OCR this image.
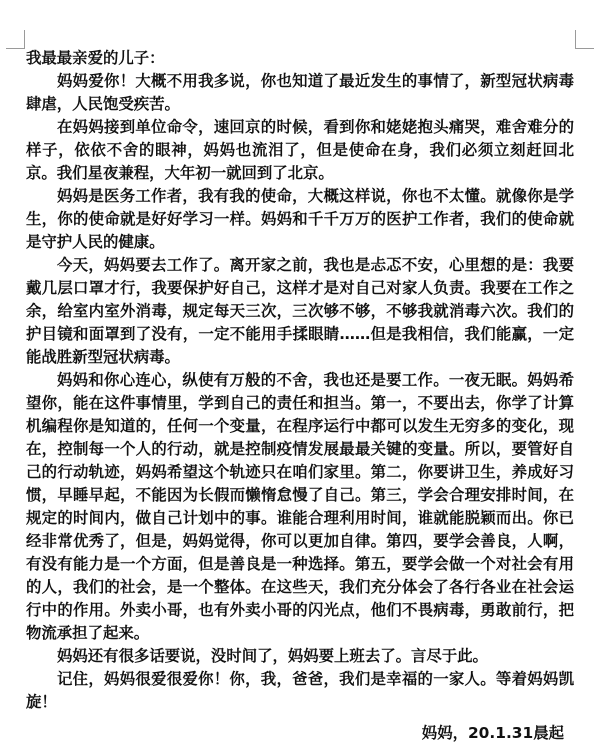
我最最亲爱的儿子：

妈妈爱你！大概不用我多说，你也知道了最近发生的事情了，新型冠状病毒肆虐，人民饱受疾苦。

在妈妈接到单位命令，速回京的时候，看到你和姥姥抱头痛哭，难舍难分的样子，依依不舍的眼神，妈妈也流泪了，但是使命在身，我们必须立刻赶回北京。我们星夜兼程，大年初一就回到了北京。

妈妈是医务工作者，我有我的使命，大概这样说，你也不太懂。就像你是学生，你的使命就是好好学习一样。妈妈和千千万万的医护工作者，我们的使命就是守护人民的健康。

今天，妈妈要去工作了。离开家之前，我也是忐忑不安，心里想的是：我要戴几层口罩才行，我要保护好自己，这样才是对自己对家人负责。我要在工作之余，给室内室外消毒，规定每天三次，三次够不够，不够我就消毒六次。我们的护目镜和面罩到了没有，一定不能用手揉眼睛……但是我相信，我们能赢，一定能战胜新型冠状病毒。

妈妈和你心连心，纵使有万般的不舍，我也还是要工作。一夜无眠。妈妈希望你，能在这件事情里，学到自己的责任和担当。第一，不要出去，你学了计算机编程你是知道的，任何一个变量，在程序运行中都可以发生无穷多的变化，现在，控制每一个人的行动，就是控制疫情发展最最关键的变量。所以，要管好自己的行动轨迹，妈妈希望这个轨迹只在咱们家里。第二，你要讲卫生，养成好习惯，早睡早起，不能因为长假而懒惰怠慢了自己。第三，学会合理安排时间，在规定的时间内，做自己计划中的事。谁能合理利用时间，谁就能脱颖而出。你已经非常优秀了，但是，妈妈觉得，你可以更加自律。第四，要学会善良，人啊，有没有能力是一个方面，但是善良是一种选择。第五，要学会做一个对社会有用的人，我们的社会，是一个整体。在这些天，我们充分体会了各行各业在社会运行中的作用。外卖小哥，也有外卖小哥的闪光点，他们不畏病毒，勇敢前行，把物流承担了起来。

妈妈还有很多话要说，没时间了，妈妈要上班去了。言尽于此。

记住，妈妈很爱很爱你！你，我，爸爸，我们是幸福的一家人。等着妈妈凯旋！

妈妈，20.1.31晨起
